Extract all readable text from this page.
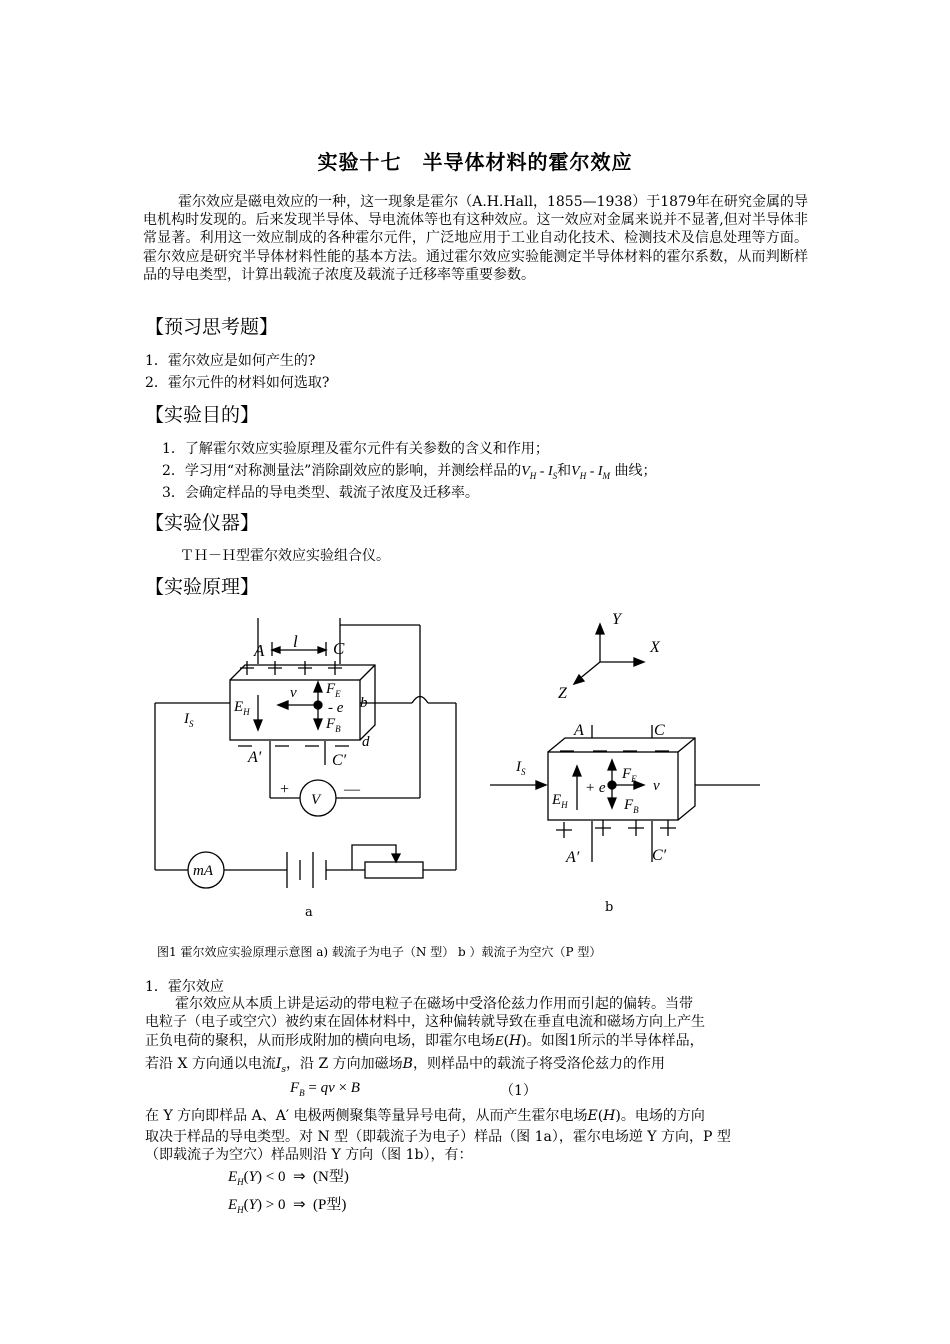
实验十七　半导体材料的霍尔效应
霍尔效应是磁电效应的一种，这一现象是霍尔（A.H.Hall，1855—1938）于1879年在研究金属的导电机构时发现的。后来发现半导体、导电流体等也有这种效应。这一效应对金属来说并不显著,但对半导体非常显著。利用这一效应制成的各种霍尔元件，广泛地应用于工业自动化技术、检测技术及信息处理等方面。霍尔效应是研究半导体材料性能的基本方法。通过霍尔效应实验能测定半导体材料的霍尔系数，从而判断样品的导电类型，计算出载流子浓度及载流子迁移率等重要参数。
【预习思考题】
1．霍尔效应是如何产生的?
2．霍尔元件的材料如何选取?
【实验目的】
1．了解霍尔效应实验原理及霍尔元件有关参数的含义和作用；
2．学习用“对称测量法”消除副效应的影响，并测绘样品的$V_H - I_S$和$V_H - I_M$ 曲线；
3．会确定样品的导电类型、载流子浓度及迁移率。
【实验仪器】
ＴＨ－Ｈ型霍尔效应实验组合仪。
【实验原理】
A	C
l
$E_H$
v $F_E$
$F_B$
- e b
d
A′	C′
$I_S$
V
mA
Y
X
Z
A	C
$I_S$
$E_H$
+ e
$F_E$
$F_B$
v
A′	C′
+	—
a	b
图1 霍尔效应实验原理示意图 a) 载流子为电子（N 型） b ）载流子为空穴（P 型）
1．霍尔效应
霍尔效应从本质上讲是运动的带电粒子在磁场中受洛伦兹力作用而引起的偏转。当带
电粒子（电子或空穴）被约束在固体材料中，这种偏转就导致在垂直电流和磁场方向上产生
正负电荷的聚积，从而形成附加的横向电场，即霍尔电场E(H)。如图1所示的半导体样品，
若沿 X 方向通以电流$I_s$，沿 Z 方向加磁场B，则样品中的载流子将受洛伦兹力的作用
$F_B$ = qv × B	（1）
在 Y 方向即样品 A、A′ 电极两侧聚集等量异号电荷，从而产生霍尔电场E(H)。电场的方向
取决于样品的导电类型。对 N 型（即载流子为电子）样品（图 1a），霍尔电场逆 Y 方向，P 型
（即载流子为空穴）样品则沿 Y 方向（图 1b），有：
$E_H(Y) < 0$  ⇒  (N型)
$E_H(Y) > 0$  ⇒  (P型)
